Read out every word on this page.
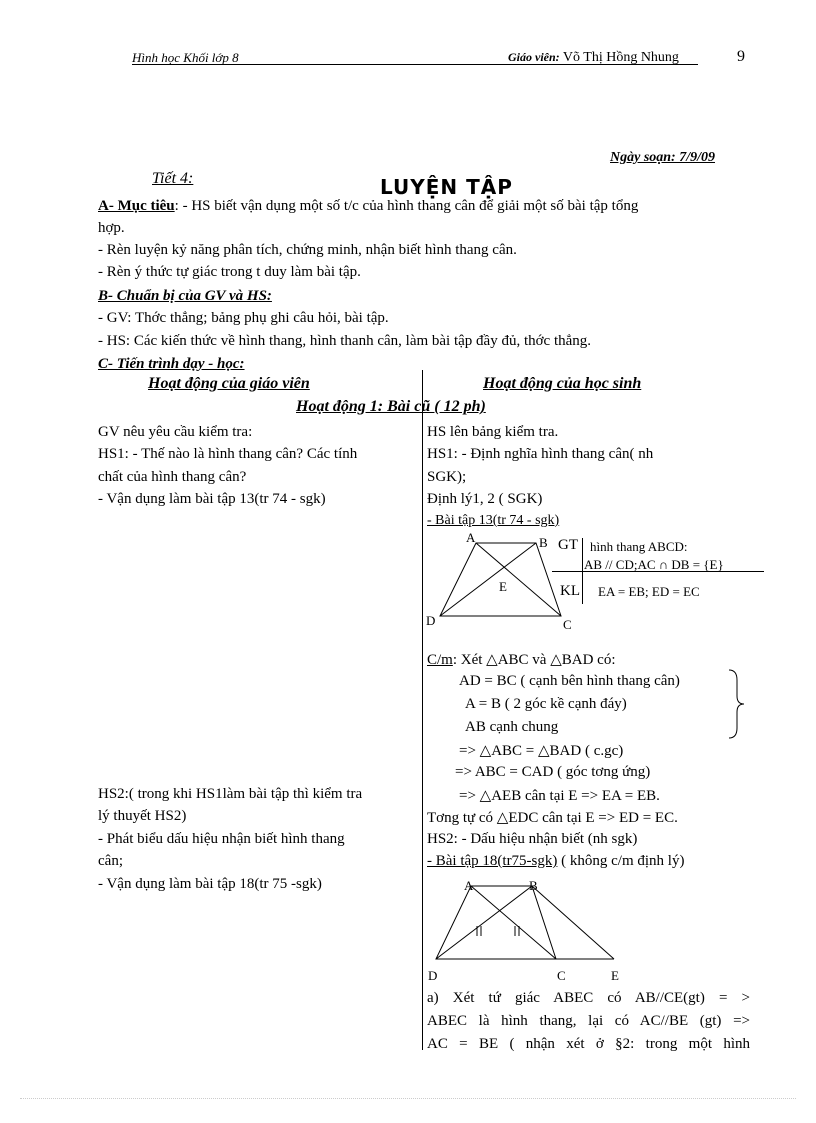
Hình học Khối lớp 8	Giáo viên: Võ Thị Hồng Nhung	9
Ngày soạn: 7/9/09
Tiết 4:	LUYỆN TẬP
A- Mục tiêu: - HS biết vận dụng một số t/c của hình thang cân để giải một số bài tập tổng
hợp.
- Rèn luyện kỷ năng phân tích, chứng minh, nhận biết hình thang cân.
- Rèn ý thức tự giác trong t duy làm bài tập.
B- Chuẩn bị của GV và HS:
- GV: Thớc thẳng; bảng phụ ghi câu hỏi, bài tập.
- HS: Các kiến thức về hình thang, hình thanh cân, làm bài tập đầy đủ, thớc thẳng.
C- Tiến trình dạy - học:
Hoạt động của giáo viên	Hoạt động của học sinh
Hoạt động 1: Bài cũ ( 12 ph)
GV nêu yêu cầu kiểm tra:
HS1: - Thế nào là hình thang cân? Các tính
chất của hình thang cân?
- Vận dụng làm bài tập 13(tr 74 - sgk)
HS2:( trong khi HS1làm bài tập thì kiểm tra
lý thuyết HS2)
- Phát biểu dấu hiệu nhận biết hình thang
cân;
- Vận dụng làm bài tập 18(tr 75 -sgk)
HS lên bảng kiểm tra.
HS1: - Định nghĩa hình thang cân( nh
SGK);
Định lý1, 2 ( SGK)
- Bài tập 13(tr 74 - sgk)
A	B
E
D	C
GT hình thang ABCD:
AB // CD;AC ∩ DB = {E}
KL EA = EB; ED = EC
C/m: Xét △ABC và △BAD có:
AD = BC ( cạnh bên hình thang cân)
A = B ( 2 góc kề cạnh đáy)
AB cạnh chung
=> △ABC = △BAD ( c.gc)
=> ABC = CAD ( góc tơng ứng)
=> △AEB cân tại E => EA = EB.
Tơng tự có △EDC cân tại E => ED = EC.
HS2: - Dấu hiệu nhận biết (nh sgk)
- Bài tập 18(tr75-sgk) ( không c/m định lý)
A	B
D	C	E
a) Xét tứ giác ABEC có AB//CE(gt) = >
ABEC là hình thang, lại có AC//BE (gt) =>
AC = BE ( nhận xét ở §2: trong một hình
